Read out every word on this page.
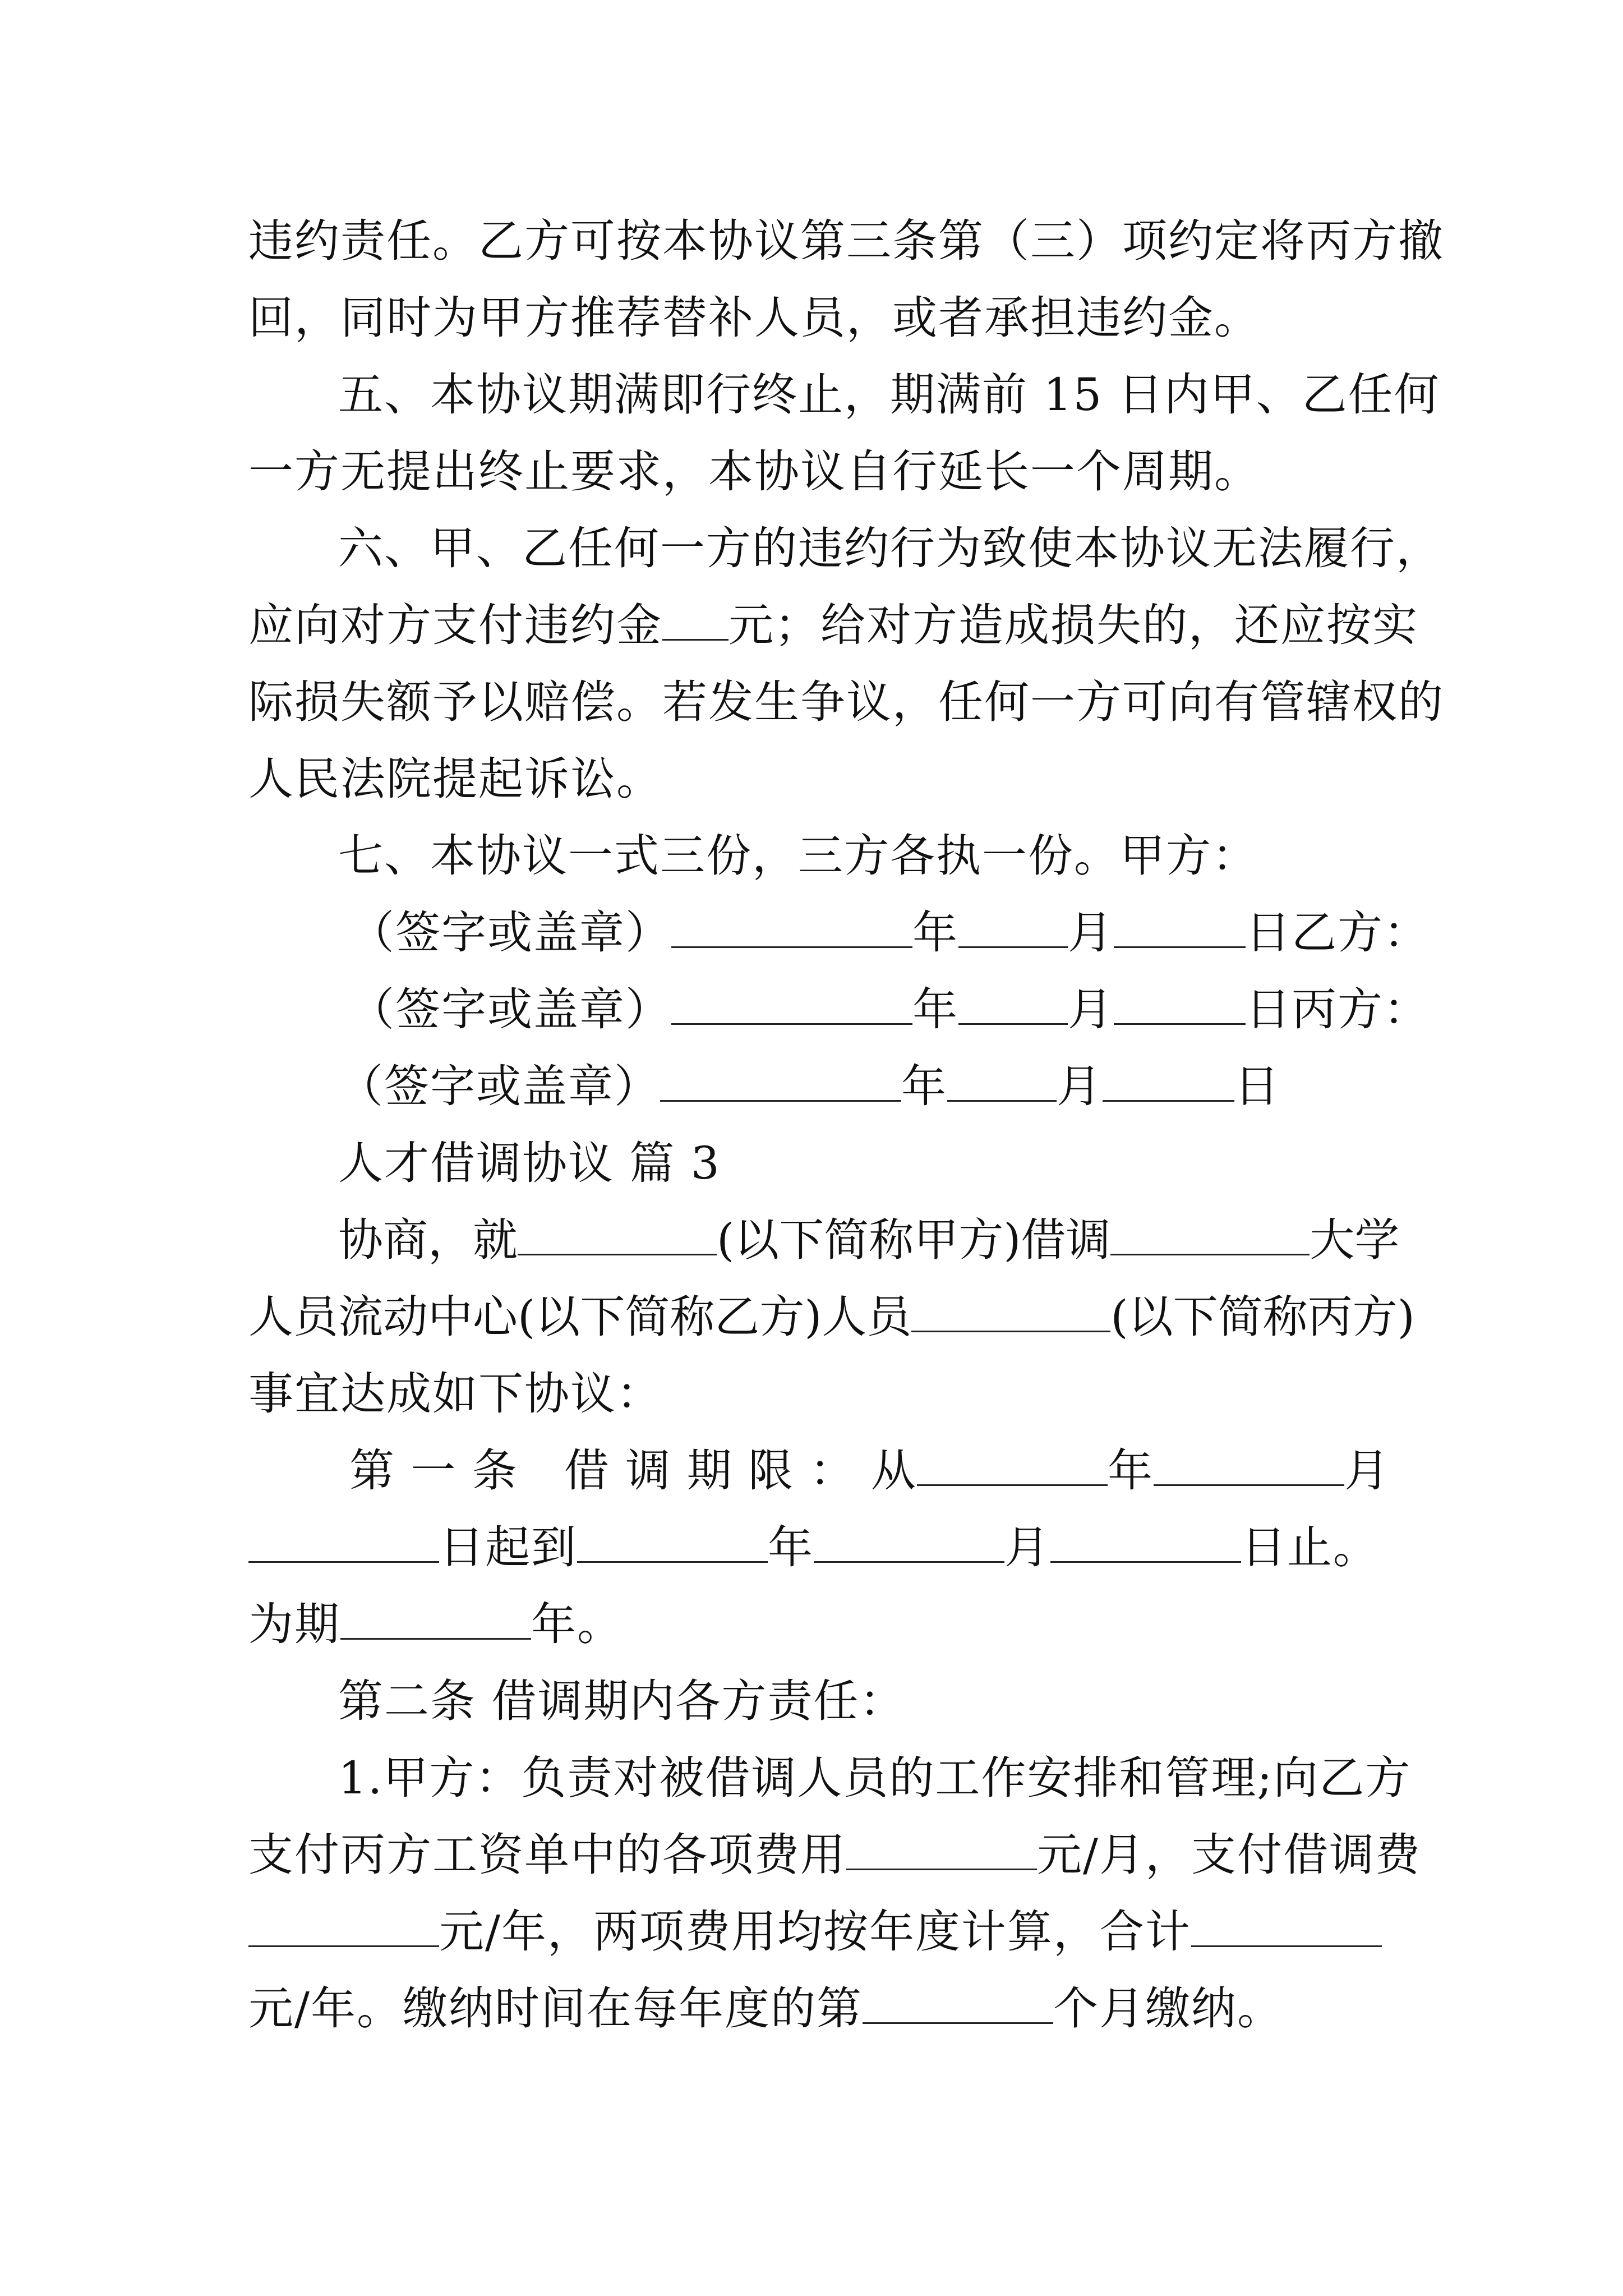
违约责任。乙方可按本协议第三条第（三）项约定将丙方撤
回，同时为甲方推荐替补人员，或者承担违约金。
五、本协议期满即行终止，期满前 15 日内甲、乙任何
一方无提出终止要求，本协议自行延长一个周期。
六、甲、乙任何一方的违约行为致使本协议无法履行，
应向对方支付违约金 元；给对方造成损失的，还应按实
际损失额予以赔偿。若发生争议，任何一方可向有管辖权的
人民法院提起诉讼。
七、本协议一式三份，三方各执一份。甲方：
（签字或盖章）	年 月	日乙方：
（签字或盖章）	年 月	日丙方：
（签字或盖章）	年 月	日
人才借调协议 篇 3
协商，就	(以下简称甲方)借调	大学
人员流动中心(以下简称乙方)人员	(以下简称丙方)
事宜达成如下协议：
第 一 条　借 调 期 限 ： 从	年	月
日起到	年	月	日止。
为期	年。
第二条 借调期内各方责任：
1.甲方：负责对被借调人员的工作安排和管理;向乙方
支付丙方工资单中的各项费用	元/月，支付借调费
元/年，两项费用均按年度计算，合计
元/年。缴纳时间在每年度的第	个月缴纳。
